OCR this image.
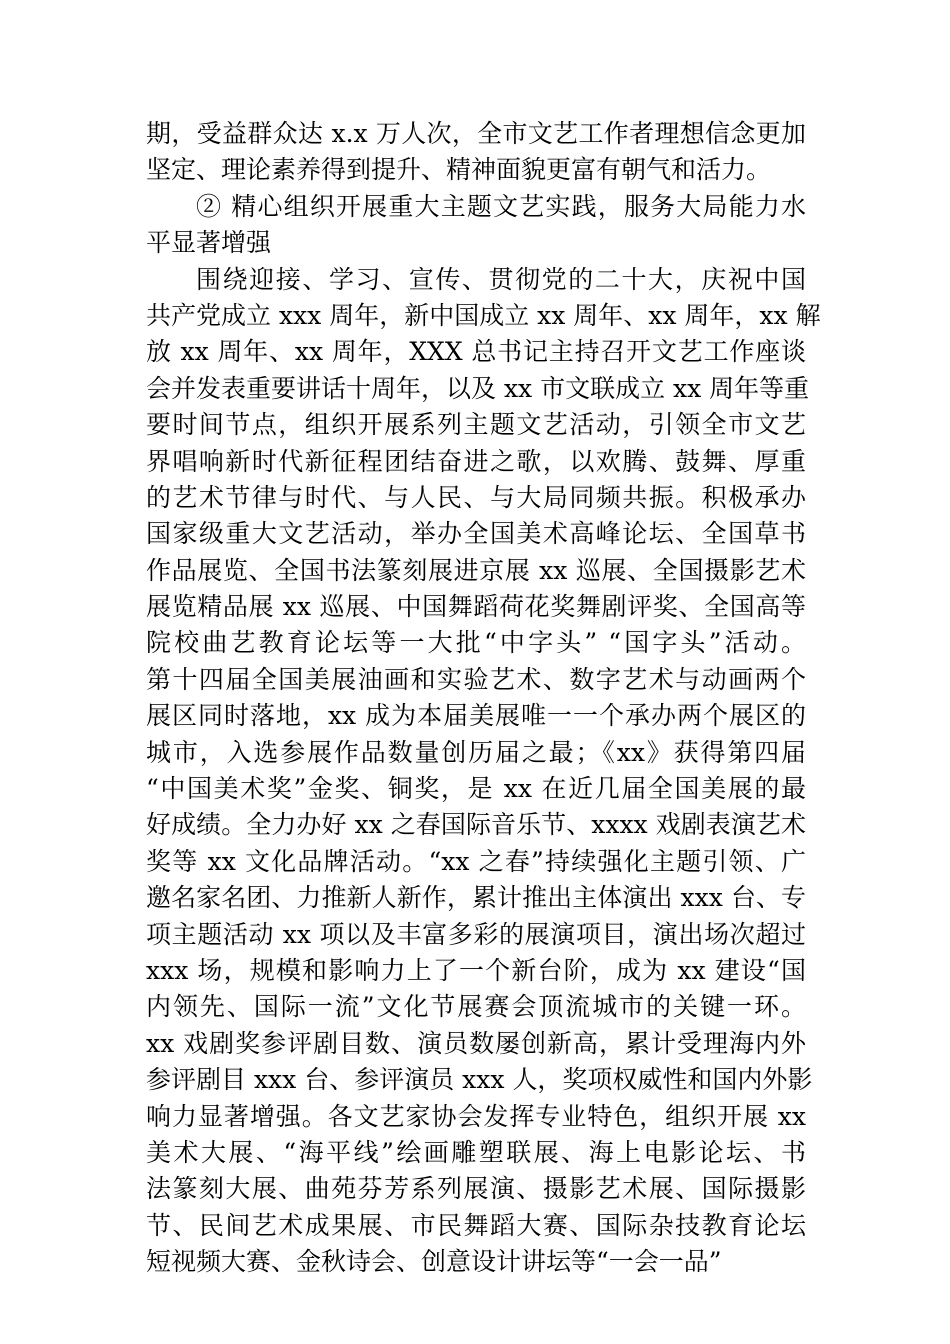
期，受益群众达 x.x 万人次，全市文艺工作者理想信念更加
坚定、理论素养得到提升、精神面貌更富有朝气和活力。
② 精心组织开展重大主题文艺实践，服务大局能力水
平显著增强
围绕迎接、学习、宣传、贯彻党的二十大，庆祝中国
共产党成立 xxx 周年，新中国成立 xx 周年、xx 周年，xx 解
放 xx 周年、xx 周年，XXX 总书记主持召开文艺工作座谈
会并发表重要讲话十周年，以及 xx 市文联成立 xx 周年等重
要时间节点，组织开展系列主题文艺活动，引领全市文艺
界唱响新时代新征程团结奋进之歌，以欢腾、鼓舞、厚重
的艺术节律与时代、与人民、与大局同频共振。积极承办
国家级重大文艺活动，举办全国美术高峰论坛、全国草书
作品展览、全国书法篆刻展进京展 xx 巡展、全国摄影艺术
展览精品展 xx 巡展、中国舞蹈荷花奖舞剧评奖、全国高等
院校曲艺教育论坛等一大批“中字头” “国字头”活动。
第十四届全国美展油画和实验艺术、数字艺术与动画两个
展区同时落地，xx 成为本届美展唯一一个承办两个展区的
城市，入选参展作品数量创历届之最；《xx》获得第四届
“中国美术奖”金奖、铜奖，是 xx 在近几届全国美展的最
好成绩。全力办好 xx 之春国际音乐节、xxxx 戏剧表演艺术
奖等 xx 文化品牌活动。“xx 之春”持续强化主题引领、广
邀名家名团、力推新人新作，累计推出主体演出 xxx 台、专
项主题活动 xx 项以及丰富多彩的展演项目，演出场次超过
xxx 场，规模和影响力上了一个新台阶，成为 xx 建设“国
内领先、国际一流”文化节展赛会顶流城市的关键一环。
xx 戏剧奖参评剧目数、演员数屡创新高，累计受理海内外
参评剧目 xxx 台、参评演员 xxx 人，奖项权威性和国内外影
响力显著增强。各文艺家协会发挥专业特色，组织开展 xx
美术大展、“海平线”绘画雕塑联展、海上电影论坛、书
法篆刻大展、曲苑芬芳系列展演、摄影艺术展、国际摄影
节、民间艺术成果展、市民舞蹈大赛、国际杂技教育论坛
短视频大赛、金秋诗会、创意设计讲坛等“一会一品”
